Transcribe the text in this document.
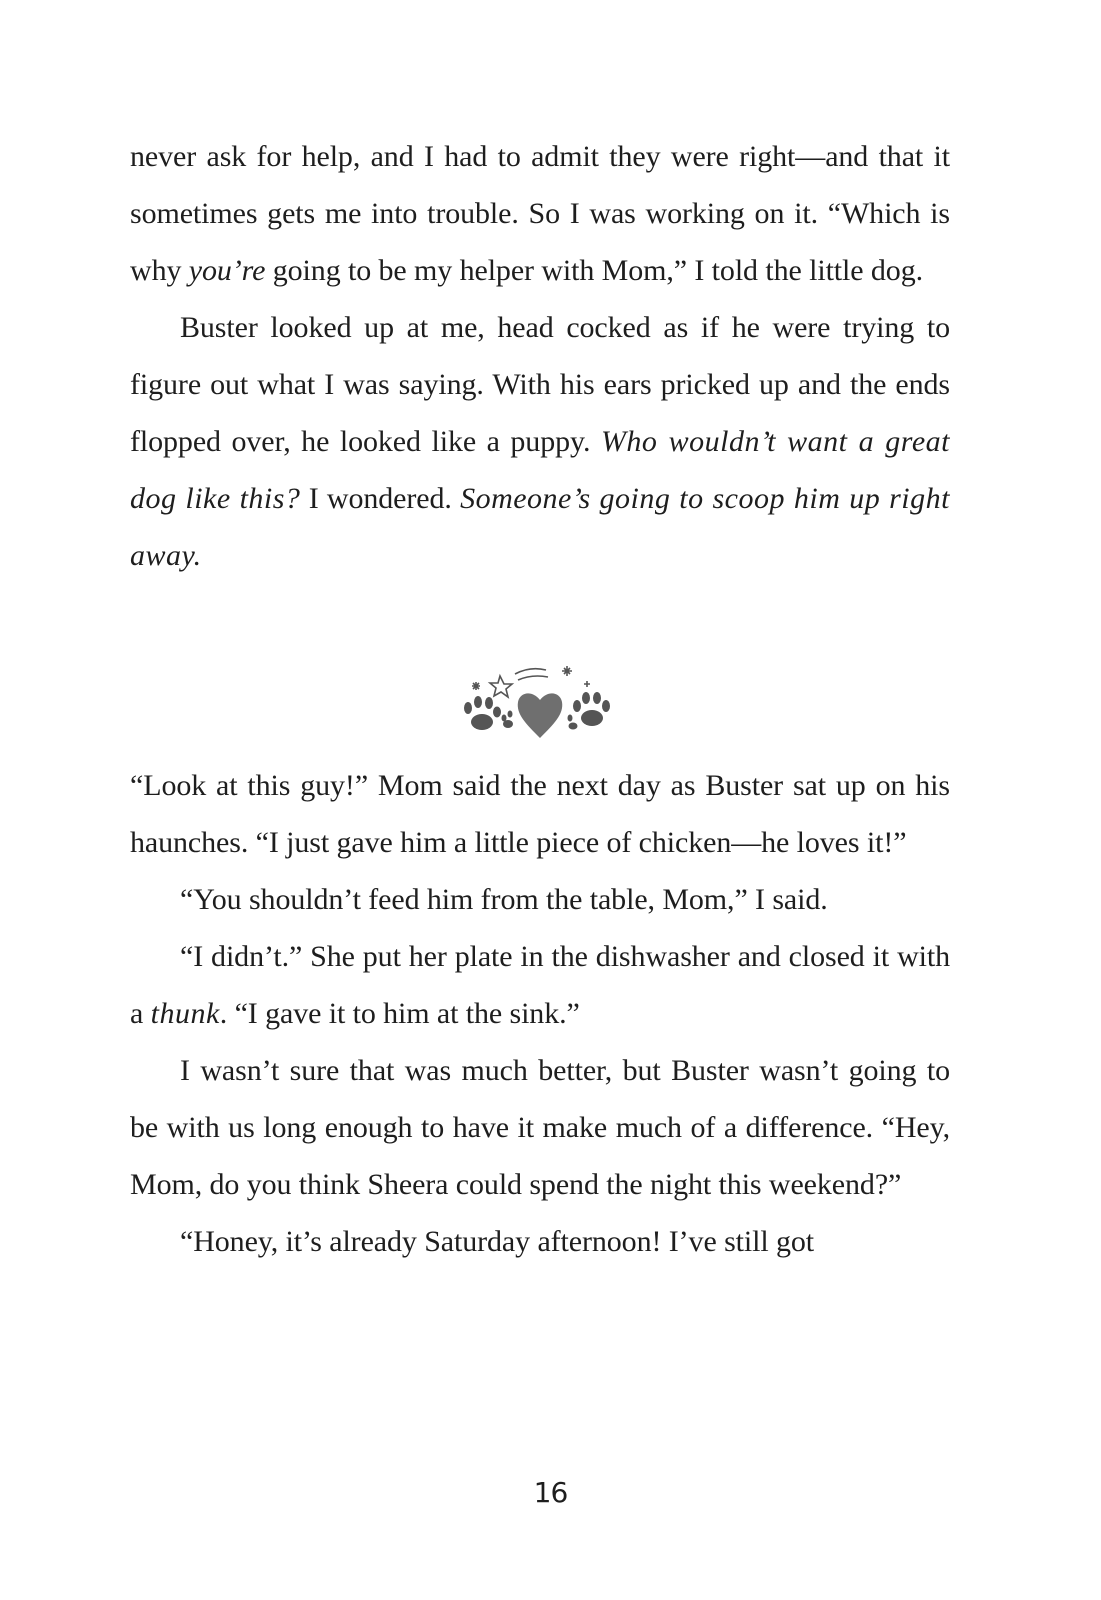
never ask for help, and I had to admit they were right—and that it sometimes gets me into trouble. So I was working on it. “Which is why you’re going to be my helper with Mom,” I told the little dog.

Buster looked up at me, head cocked as if he were trying to figure out what I was saying. With his ears pricked up and the ends flopped over, he looked like a puppy. Who wouldn’t want a great dog like this? I wondered. Someone’s going to scoop him up right away.

“Look at this guy!” Mom said the next day as Buster sat up on his haunches. “I just gave him a little piece of chicken—he loves it!”

“You shouldn’t feed him from the table, Mom,” I said.

“I didn’t.” She put her plate in the dishwasher and closed it with a thunk. “I gave it to him at the sink.”

I wasn’t sure that was much better, but Buster wasn’t going to be with us long enough to have it make much of a difference. “Hey, Mom, do you think Sheera could spend the night this weekend?”

“Honey, it’s already Saturday afternoon! I’ve still got

16
